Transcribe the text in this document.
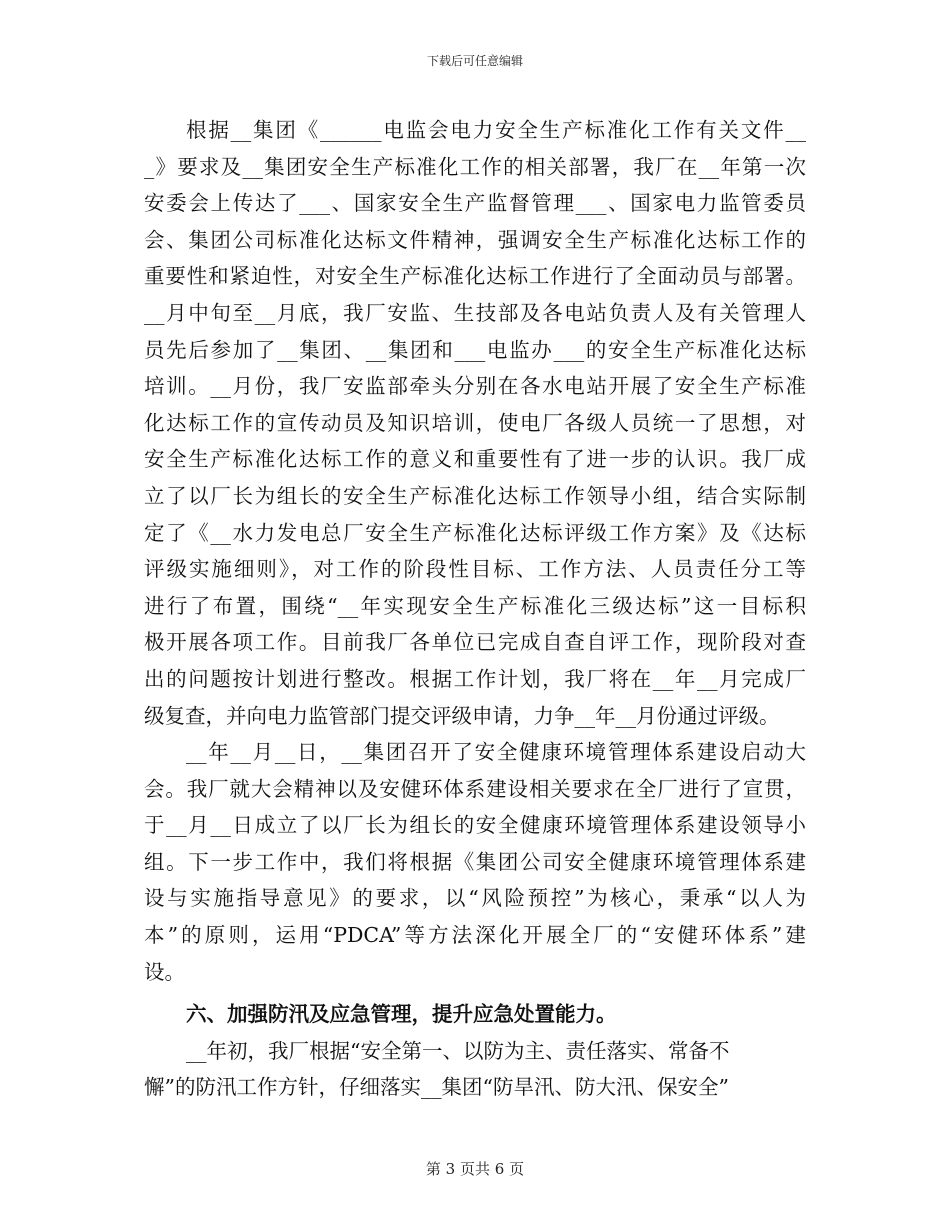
下载后可任意编辑
根据__集团《______电监会电力安全生产标准化工作有关文件__
_》要求及__集团安全生产标准化工作的相关部署，我厂在__年第一次
安委会上传达了___、国家安全生产监督管理___、国家电力监管委员
会、集团公司标准化达标文件精神，强调安全生产标准化达标工作的
重要性和紧迫性，对安全生产标准化达标工作进行了全面动员与部署。
__月中旬至__月底，我厂安监、生技部及各电站负责人及有关管理人
员先后参加了__集团、__集团和___电监办___的安全生产标准化达标
培训。__月份，我厂安监部牵头分别在各水电站开展了安全生产标准
化达标工作的宣传动员及知识培训，使电厂各级人员统一了思想，对
安全生产标准化达标工作的意义和重要性有了进一步的认识。我厂成
立了以厂长为组长的安全生产标准化达标工作领导小组，结合实际制
定了《__水力发电总厂安全生产标准化达标评级工作方案》及《达标
评级实施细则》，对工作的阶段性目标、工作方法、人员责任分工等
进行了布置，围绕“__年实现安全生产标准化三级达标”这一目标积
极开展各项工作。目前我厂各单位已完成自查自评工作，现阶段对查
出的问题按计划进行整改。根据工作计划，我厂将在__年__月完成厂
级复查，并向电力监管部门提交评级申请，力争__年__月份通过评级。
__年__月__日，__集团召开了安全健康环境管理体系建设启动大
会。我厂就大会精神以及安健环体系建设相关要求在全厂进行了宣贯，
于__月__日成立了以厂长为组长的安全健康环境管理体系建设领导小
组。下一步工作中，我们将根据《集团公司安全健康环境管理体系建
设与实施指导意见》的要求，以“风险预控”为核心，秉承“以人为
本”的原则，运用“PDCA”等方法深化开展全厂的“安健环体系”建
设。
六、加强防汛及应急管理，提升应急处置能力。
__年初，我厂根据“安全第一、以防为主、责任落实、常备不
懈”的防汛工作方针，仔细落实__集团“防旱汛、防大汛、保安全”
第 3 页共 6 页
